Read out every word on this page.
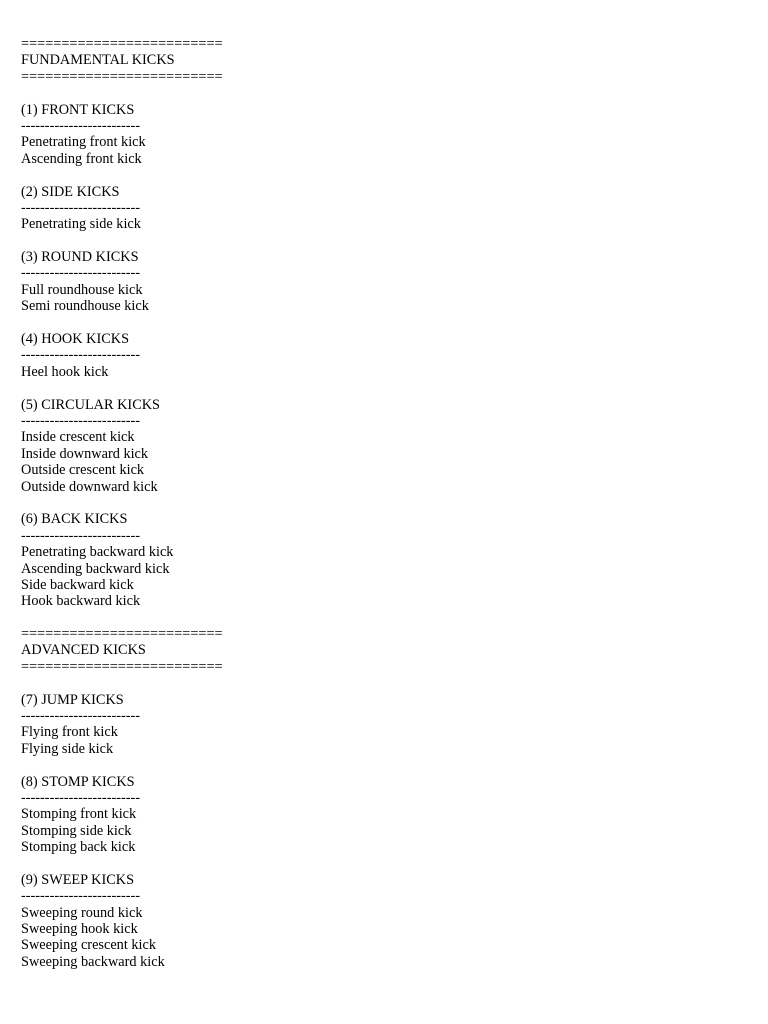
=========================
FUNDAMENTAL KICKS
=========================
(1) FRONT KICKS
-------------------------
Penetrating front kick
Ascending front kick
(2) SIDE KICKS
-------------------------
Penetrating side kick
(3) ROUND KICKS
-------------------------
Full roundhouse kick
Semi roundhouse kick
(4) HOOK KICKS
-------------------------
Heel hook kick
(5) CIRCULAR KICKS
-------------------------
Inside crescent kick
Inside downward kick
Outside crescent kick
Outside downward kick
(6) BACK KICKS
-------------------------
Penetrating backward kick
Ascending backward kick
Side backward kick
Hook backward kick
=========================
ADVANCED KICKS
=========================
(7) JUMP KICKS
-------------------------
Flying front kick
Flying side kick
(8) STOMP KICKS
-------------------------
Stomping front kick
Stomping side kick
Stomping back kick
(9) SWEEP KICKS
-------------------------
Sweeping round kick
Sweeping hook kick
Sweeping crescent kick
Sweeping backward kick
